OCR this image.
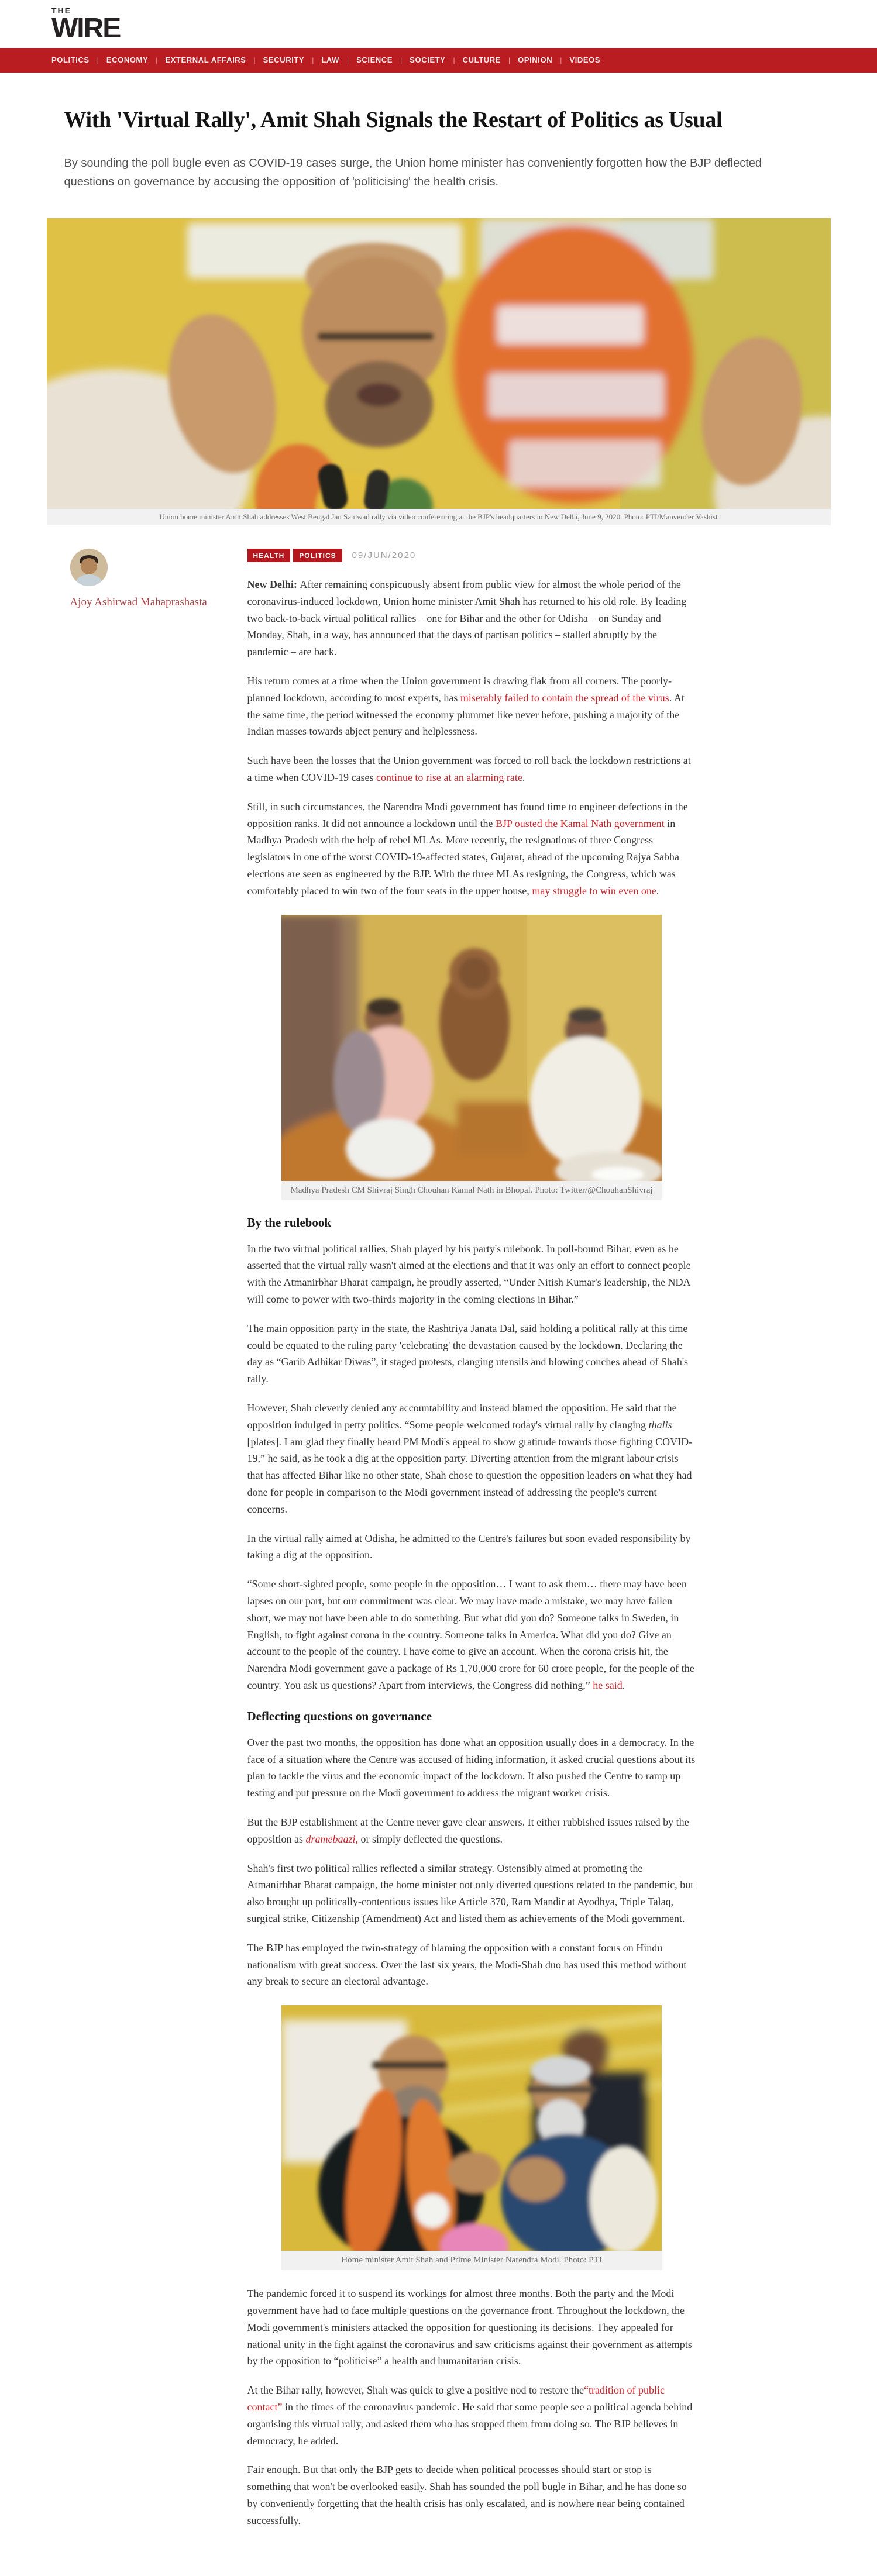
THE
WIRE
POLITICS | ECONOMY | EXTERNAL AFFAIRS | SECURITY | LAW | SCIENCE | SOCIETY | CULTURE | OPINION | VIDEOS
With 'Virtual Rally', Amit Shah Signals the Restart of Politics as Usual
By sounding the poll bugle even as COVID-19 cases surge, the Union home minister has conveniently forgotten how the BJP deflected questions on governance by accusing the opposition of 'politicising' the health crisis.
Union home minister Amit Shah addresses West Bengal Jan Samwad rally via video conferencing at the BJP's headquarters in New Delhi, June 9, 2020. Photo: PTI/Manvender Vashist
Ajoy Ashirwad Mahaprashasta
HEALTH	POLITICS	09/JUN/2020

New Delhi: After remaining conspicuously absent from public view for almost the whole period of the coronavirus-induced lockdown, Union home minister Amit Shah has returned to his old role. By leading two back-to-back virtual political rallies – one for Bihar and the other for Odisha – on Sunday and Monday, Shah, in a way, has announced that the days of partisan politics – stalled abruptly by the pandemic – are back.

His return comes at a time when the Union government is drawing flak from all corners. The poorly-planned lockdown, according to most experts, has miserably failed to contain the spread of the virus. At the same time, the period witnessed the economy plummet like never before, pushing a majority of the Indian masses towards abject penury and helplessness.

Such have been the losses that the Union government was forced to roll back the lockdown restrictions at a time when COVID-19 cases continue to rise at an alarming rate.

Still, in such circumstances, the Narendra Modi government has found time to engineer defections in the opposition ranks. It did not announce a lockdown until the BJP ousted the Kamal Nath government in Madhya Pradesh with the help of rebel MLAs. More recently, the resignations of three Congress legislators in one of the worst COVID-19-affected states, Gujarat, ahead of the upcoming Rajya Sabha elections are seen as engineered by the BJP. With the three MLAs resigning, the Congress, which was comfortably placed to win two of the four seats in the upper house, may struggle to win even one.

Madhya Pradesh CM Shivraj Singh Chouhan Kamal Nath in Bhopal. Photo: Twitter/@ChouhanShivraj
By the rulebook

In the two virtual political rallies, Shah played by his party's rulebook. In poll-bound Bihar, even as he asserted that the virtual rally wasn't aimed at the elections and that it was only an effort to connect people with the Atmanirbhar Bharat campaign, he proudly asserted, “Under Nitish Kumar's leadership, the NDA will come to power with two-thirds majority in the coming elections in Bihar.”

The main opposition party in the state, the Rashtriya Janata Dal, said holding a political rally at this time could be equated to the ruling party 'celebrating' the devastation caused by the lockdown. Declaring the day as “Garib Adhikar Diwas”, it staged protests, clanging utensils and blowing conches ahead of Shah's rally.

However, Shah cleverly denied any accountability and instead blamed the opposition. He said that the opposition indulged in petty politics. “Some people welcomed today's virtual rally by clanging thalis [plates]. I am glad they finally heard PM Modi's appeal to show gratitude towards those fighting COVID-19,” he said, as he took a dig at the opposition party. Diverting attention from the migrant labour crisis that has affected Bihar like no other state, Shah chose to question the opposition leaders on what they had done for people in comparison to the Modi government instead of addressing the people's current concerns.

In the virtual rally aimed at Odisha, he admitted to the Centre's failures but soon evaded responsibility by taking a dig at the opposition.

“Some short-sighted people, some people in the opposition… I want to ask them… there may have been lapses on our part, but our commitment was clear. We may have made a mistake, we may have fallen short, we may not have been able to do something. But what did you do? Someone talks in Sweden, in English, to fight against corona in the country. Someone talks in America. What did you do? Give an account to the people of the country. I have come to give an account. When the corona crisis hit, the Narendra Modi government gave a package of Rs 1,70,000 crore for 60 crore people, for the people of the country. You ask us questions? Apart from interviews, the Congress did nothing,” he said.

Deflecting questions on governance

Over the past two months, the opposition has done what an opposition usually does in a democracy. In the face of a situation where the Centre was accused of hiding information, it asked crucial questions about its plan to tackle the virus and the economic impact of the lockdown. It also pushed the Centre to ramp up testing and put pressure on the Modi government to address the migrant worker crisis.

But the BJP establishment at the Centre never gave clear answers. It either rubbished issues raised by the opposition as dramebaazi, or simply deflected the questions.

Shah's first two political rallies reflected a similar strategy. Ostensibly aimed at promoting the Atmanirbhar Bharat campaign, the home minister not only diverted questions related to the pandemic, but also brought up politically-contentious issues like Article 370, Ram Mandir at Ayodhya, Triple Talaq, surgical strike, Citizenship (Amendment) Act and listed them as achievements of the Modi government.

The BJP has employed the twin-strategy of blaming the opposition with a constant focus on Hindu nationalism with great success. Over the last six years, the Modi-Shah duo has used this method without any break to secure an electoral advantage.

Home minister Amit Shah and Prime Minister Narendra Modi. Photo: PTI

The pandemic forced it to suspend its workings for almost three months. Both the party and the Modi government have had to face multiple questions on the governance front. Throughout the lockdown, the Modi government's ministers attacked the opposition for questioning its decisions. They appealed for national unity in the fight against the coronavirus and saw criticisms against their government as attempts by the opposition to “politicise” a health and humanitarian crisis.

At the Bihar rally, however, Shah was quick to give a positive nod to restore the“tradition of public contact” in the times of the coronavirus pandemic. He said that some people see a political agenda behind organising this virtual rally, and asked them who has stopped them from doing so. The BJP believes in democracy, he added.

Fair enough. But that only the BJP gets to decide when political processes should start or stop is something that won't be overlooked easily. Shah has sounded the poll bugle in Bihar, and he has done so by conveniently forgetting that the health crisis has only escalated, and is nowhere near being contained successfully.
